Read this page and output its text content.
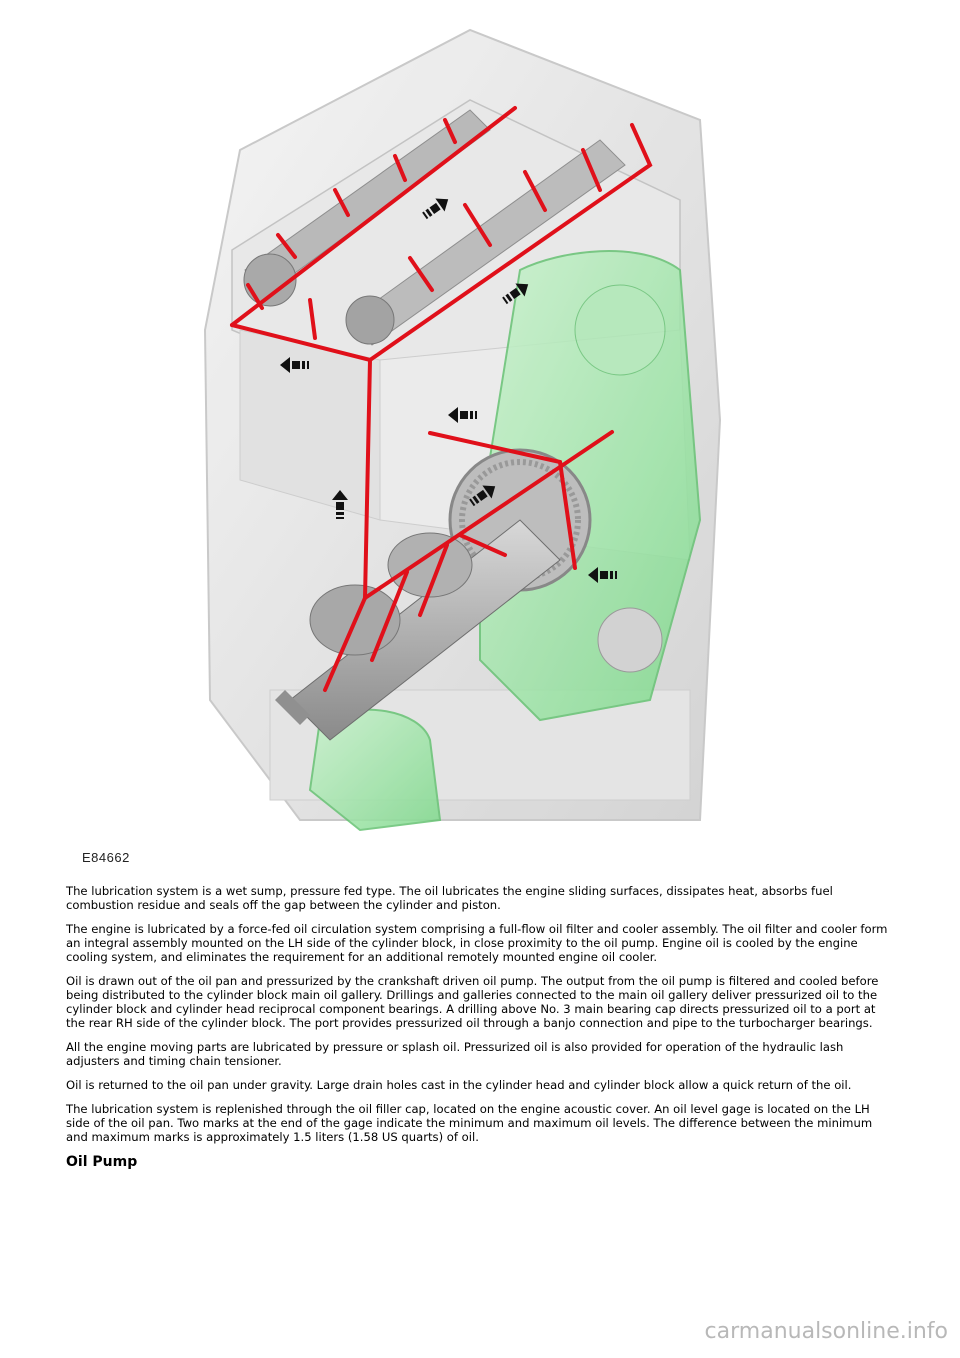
E84662

The lubrication system is a wet sump, pressure fed type. The oil lubricates the engine sliding surfaces, dissipates heat, absorbs fuel combustion residue and seals off the gap between the cylinder and piston.

The engine is lubricated by a force-fed oil circulation system comprising a full-flow oil filter and cooler assembly. The oil filter and cooler form an integral assembly mounted on the LH side of the cylinder block, in close proximity to the oil pump. Engine oil is cooled by the engine cooling system, and eliminates the requirement for an additional remotely mounted engine oil cooler.

Oil is drawn out of the oil pan and pressurized by the crankshaft driven oil pump. The output from the oil pump is filtered and cooled before being distributed to the cylinder block main oil gallery. Drillings and galleries connected to the main oil gallery deliver pressurized oil to the cylinder block and cylinder head reciprocal component bearings. A drilling above No. 3 main bearing cap directs pressurized oil to a port at the rear RH side of the cylinder block. The port provides pressurized oil through a banjo connection and pipe to the turbocharger bearings.

All the engine moving parts are lubricated by pressure or splash oil. Pressurized oil is also provided for operation of the hydraulic lash adjusters and timing chain tensioner.

Oil is returned to the oil pan under gravity. Large drain holes cast in the cylinder head and cylinder block allow a quick return of the oil.

The lubrication system is replenished through the oil filler cap, located on the engine acoustic cover. An oil level gage is located on the LH side of the oil pan. Two marks at the end of the gage indicate the minimum and maximum oil levels. The difference between the minimum and maximum marks is approximately 1.5 liters (1.58 US quarts) of oil.

Oil Pump
carmanualsonline.info
